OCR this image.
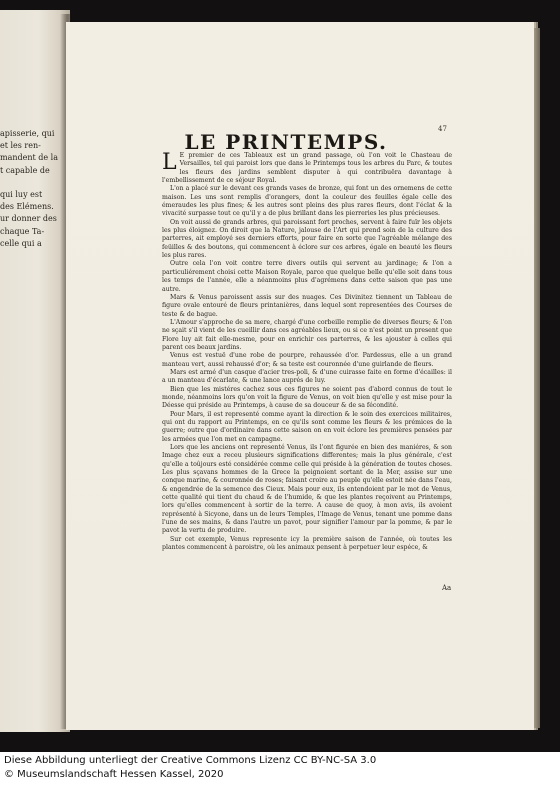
apisserie, qui
et les ren-
mandent de la
t capable de

qui luy est
des Elémens.
ur donner des
chaque Ta-
celle qui a
47
LE PRINTEMPS.

L E premier de ces Tableaux est un grand passage, où l'on voit le Chasteau de Versailles, tel qui paroist lors que dans le Printemps tous les arbres du Parc, & toutes les fleurs des jardins semblent disputer à qui contribuëra davantage à l'embellissement de ce séjour Royal.

L'on a placé sur le devant ces grands vases de bronze, qui font un des ornemens de cette maison. Les uns sont remplis d'orangers, dont la couleur des feuilles égale celle des émeraudes les plus fines; & les autres sont pleins des plus rares fleurs, dont l'éclat & la vivacité surpasse tout ce qu'il y a de plus brillant dans les pierreries les plus précieuses.

On voit aussi de grands arbres, qui paroissant fort proches, servent à faire fuïr les objets les plus éloignez. On diroit que la Nature, jalouse de l'Art qui prend soin de la culture des parterres, ait employé ses derniers efforts, pour faire en sorte que l'agréable mélange des feüilles & des boutons, qui commencent à éclore sur ces arbres, égale en beauté les fleurs les plus rares.

Outre cela l'on voit contre terre divers outils qui servent au jardinage; & l'on a particuliérement choisi cette Maison Royale, parce que quelque belle qu'elle soit dans tous les temps de l'année, elle a néanmoins plus d'agrémens dans cette saison que pas une autre.

Mars & Venus paroissent assis sur des nuages. Ces Divinitez tiennent un Tableau de figure ovale entouré de fleurs printanières, dans lequel sont representées des Courses de teste & de bague.

L'Amour s'approche de sa mere, chargé d'une corbeille remplie de diverses fleurs; & l'on ne sçait s'il vient de les cueillir dans ces agréables lieux, ou si ce n'est point un present que Flore luy ait fait elle-mesme, pour en enrichir ces parterres, & les ajouster à celles qui parent ces beaux jardins.

Venus est vestuë d'une robe de pourpre, rehaussée d'or. Pardessus, elle a un grand manteau vert, aussi rehaussé d'or; & sa teste est couronnée d'une guirlande de fleurs.

Mars est armé d'un casque d'acier tres-poli, & d'une cuirasse faite en forme d'écailles: il a un manteau d'écarlate, & une lance auprés de luy.

Bien que les mistéres cachez sous ces figures ne soient pas d'abord connus de tout le monde, néanmoins lors qu'on voit la figure de Venus, on voit bien qu'elle y est mise pour la Déesse qui préside au Printemps, à cause de sa douceur & de sa fécondité.

Pour Mars, il est representé comme ayant la direction & le soin des exercices militaires, qui ont du rapport au Printemps, en ce qu'ils sont comme les fleurs & les prémices de la guerre; outre que d'ordinaire dans cette saison on en voit éclore les premières pensées par les armées que l'on met en campagne.

Lors que les anciens ont representé Venus, ils l'ont figurée en bien des maniéres, & son Image chez eux a receu plusieurs significations differentes; mais la plus générale, c'est qu'elle a toûjours esté considérée comme celle qui préside à la génération de toutes choses. Les plus sçavans hommes de la Grece la peignoient sortant de la Mer, assise sur une conque marine, & couronnée de roses; faisant croire au peuple qu'elle estoit née dans l'eau, & engendrée de la semence des Cieux. Mais pour eux, ils entendoient par le mot de Venus, cette qualité qui tient du chaud & de l'humide, & que les plantes reçoivent au Printemps, lors qu'elles commencent à sortir de la terre. A cause de quoy, à mon avis, ils avoient représenté à Sicyone, dans un de leurs Temples, l'Image de Venus, tenant une pomme dans l'une de ses mains, & dans l'autre un pavot, pour signifier l'amour par la pomme, & par le pavot la vertu de produire.

Sur cet exemple, Venus represente icy la première saison de l'année, où toutes les plantes commencent à paroistre, où les animaux pensent à perpetuer leur espéce, &

Aa
Diese Abbildung unterliegt der Creative Commons Lizenz CC BY-NC-SA 3.0
© Museumslandschaft Hessen Kassel, 2020
